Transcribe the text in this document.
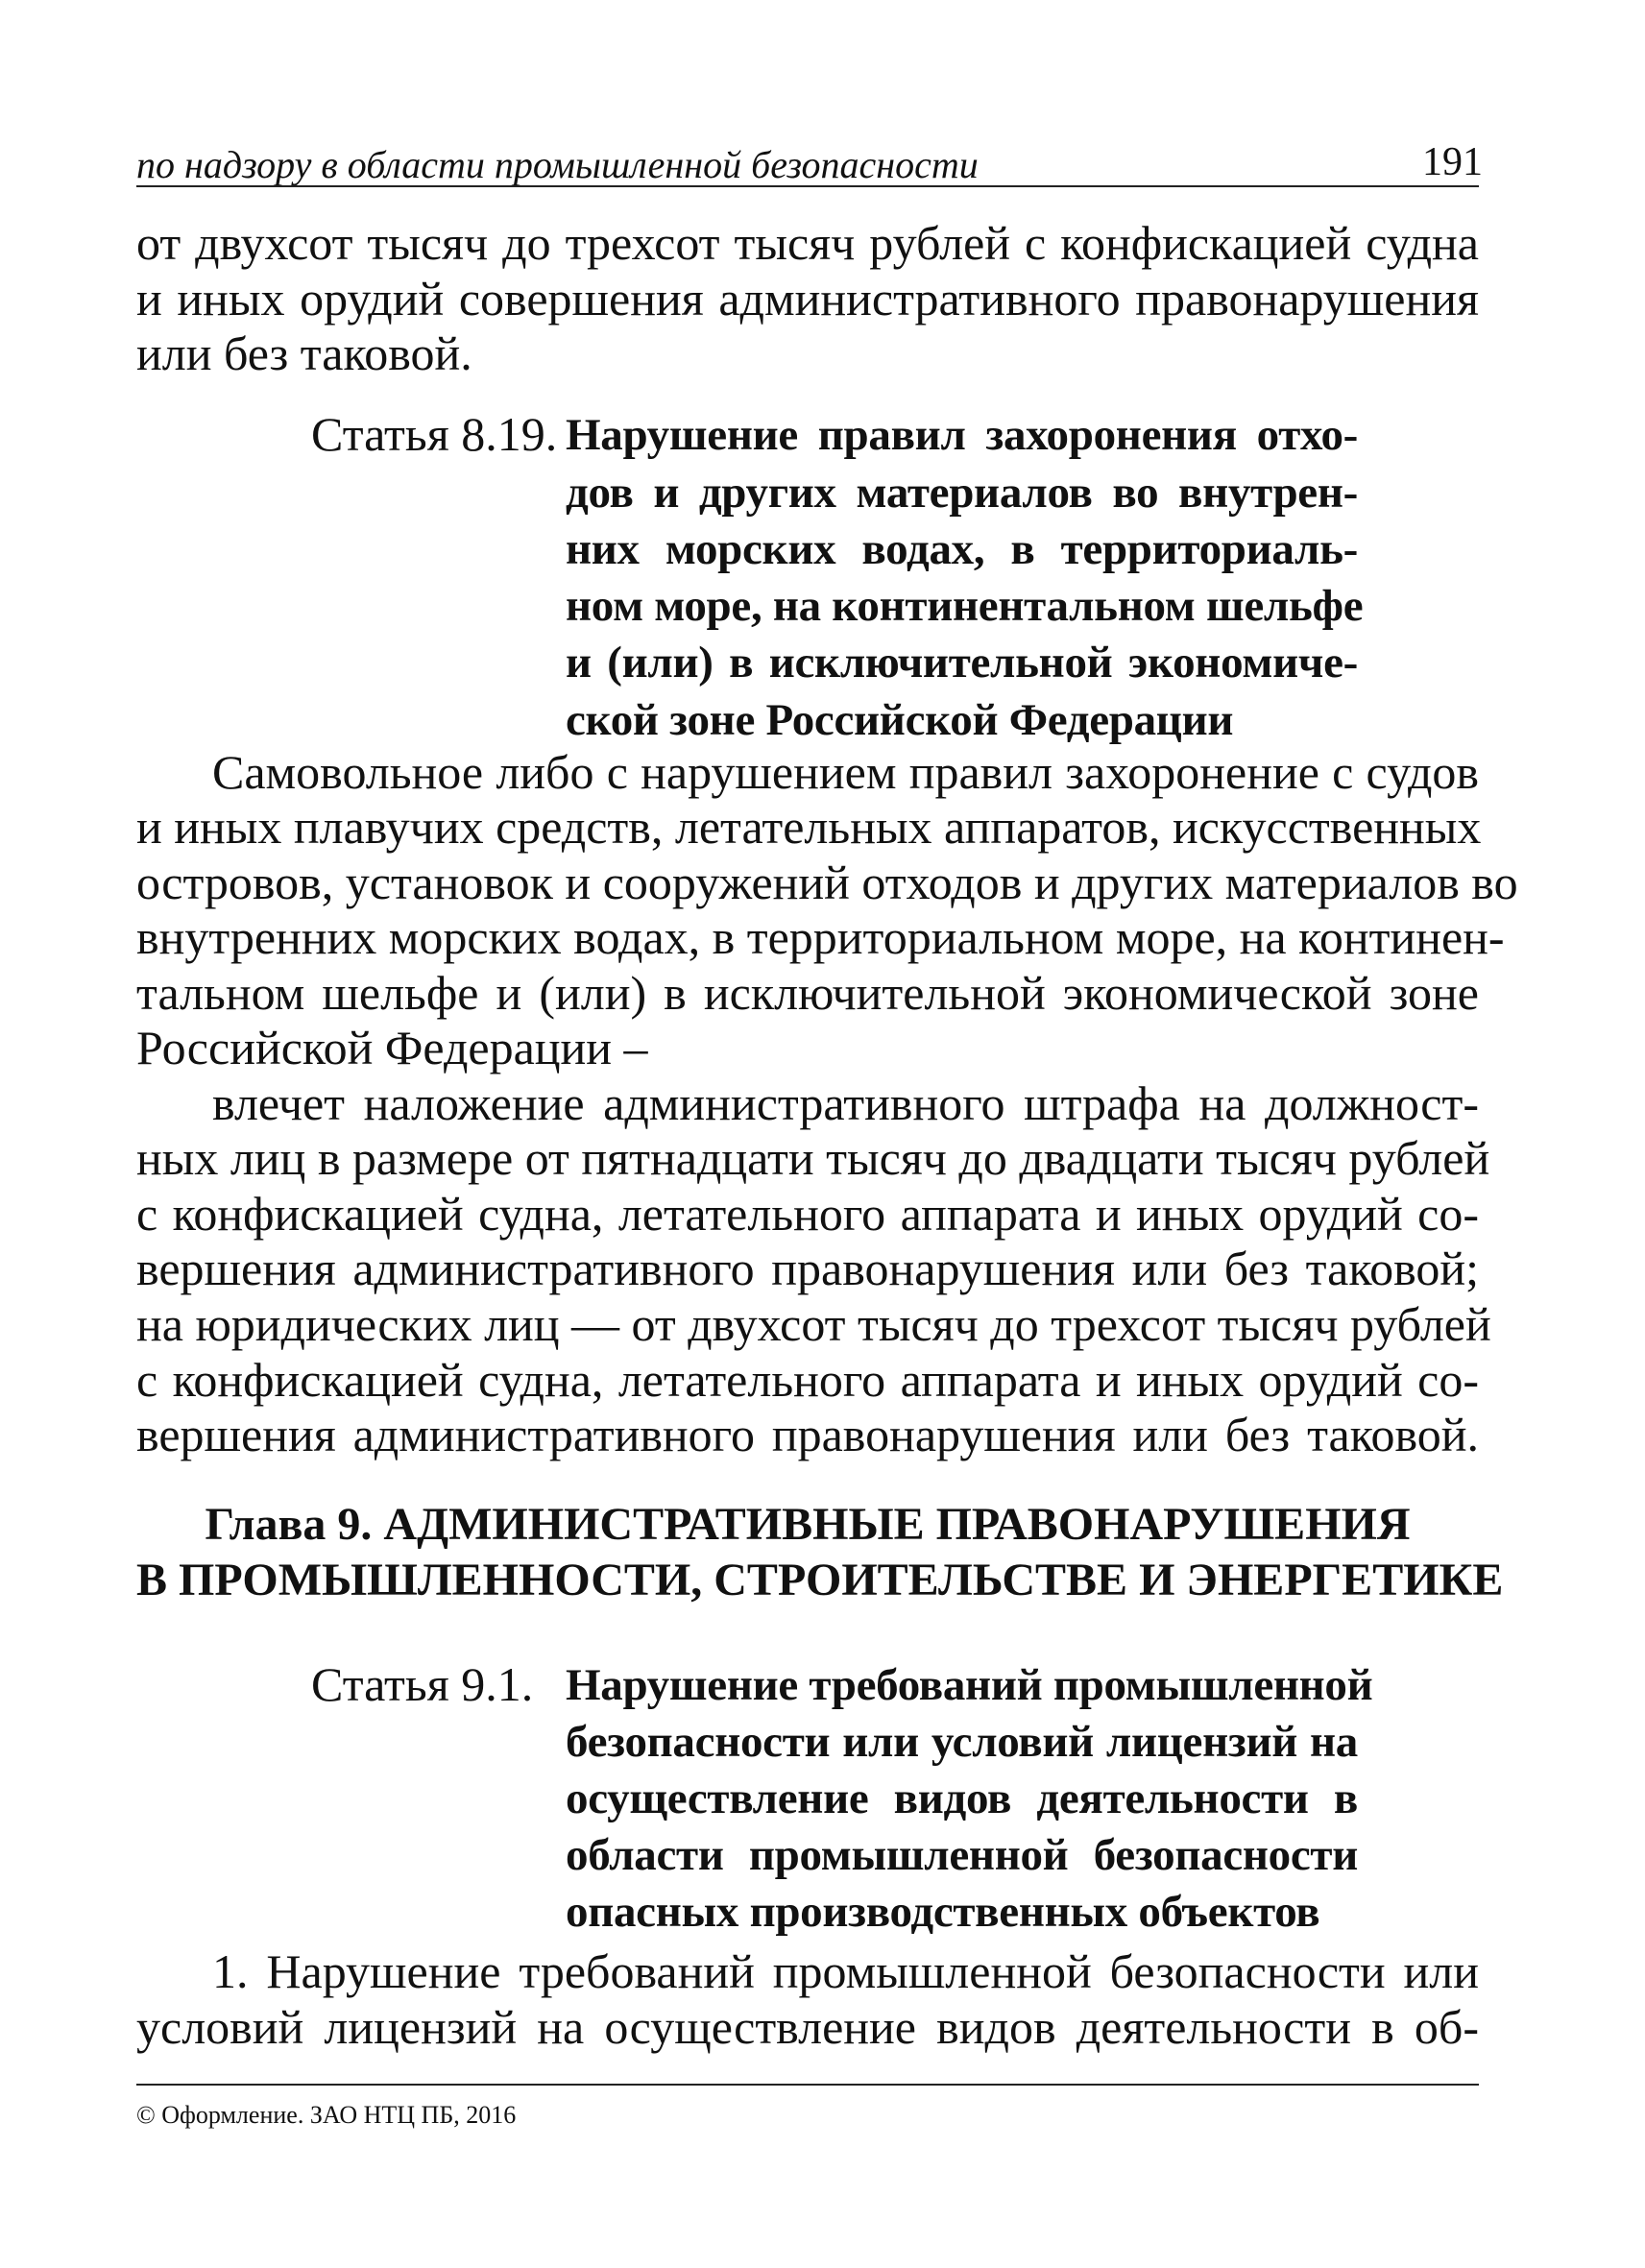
по надзору в области промышленной безопасности	191
от двухсот тысяч до трехсот тысяч рублей с конфискацией судна
и иных орудий совершения административного правонарушения
или без таковой.
Статья 8.19. Нарушение правил захоронения отхо-
дов и других материалов во внутрен-
них морских водах, в территориаль-
ном море, на континентальном шельфе
и (или) в исключительной экономиче-
ской зоне Российской Федерации
Самовольное либо с нарушением правил захоронение с судов
и иных плавучих средств, летательных аппаратов, искусственных
островов, установок и сооружений отходов и других материалов во
внутренних морских водах, в территориальном море, на континен-
тальном шельфе и (или) в исключительной экономической зоне
Российской Федерации –
влечет наложение административного штрафа на должност-
ных лиц в размере от пятнадцати тысяч до двадцати тысяч рублей
с конфискацией судна, летательного аппарата и иных орудий со-
вершения административного правонарушения или без таковой;
на юридических лиц — от двухсот тысяч до трехсот тысяч рублей
с конфискацией судна, летательного аппарата и иных орудий со-
вершения административного правонарушения или без таковой.
Глава 9. АДМИНИСТРАТИВНЫЕ ПРАВОНАРУШЕНИЯ
В ПРОМЫШЛЕННОСТИ, СТРОИТЕЛЬСТВЕ И ЭНЕРГЕТИКЕ
Статья 9.1. Нарушение требований промышленной
безопасности или условий лицензий на
осуществление видов деятельности в
области промышленной безопасности
опасных производственных объектов
1. Нарушение требований промышленной безопасности или
условий лицензий на осуществление видов деятельности в об-
© Оформление. ЗАО НТЦ ПБ, 2016
